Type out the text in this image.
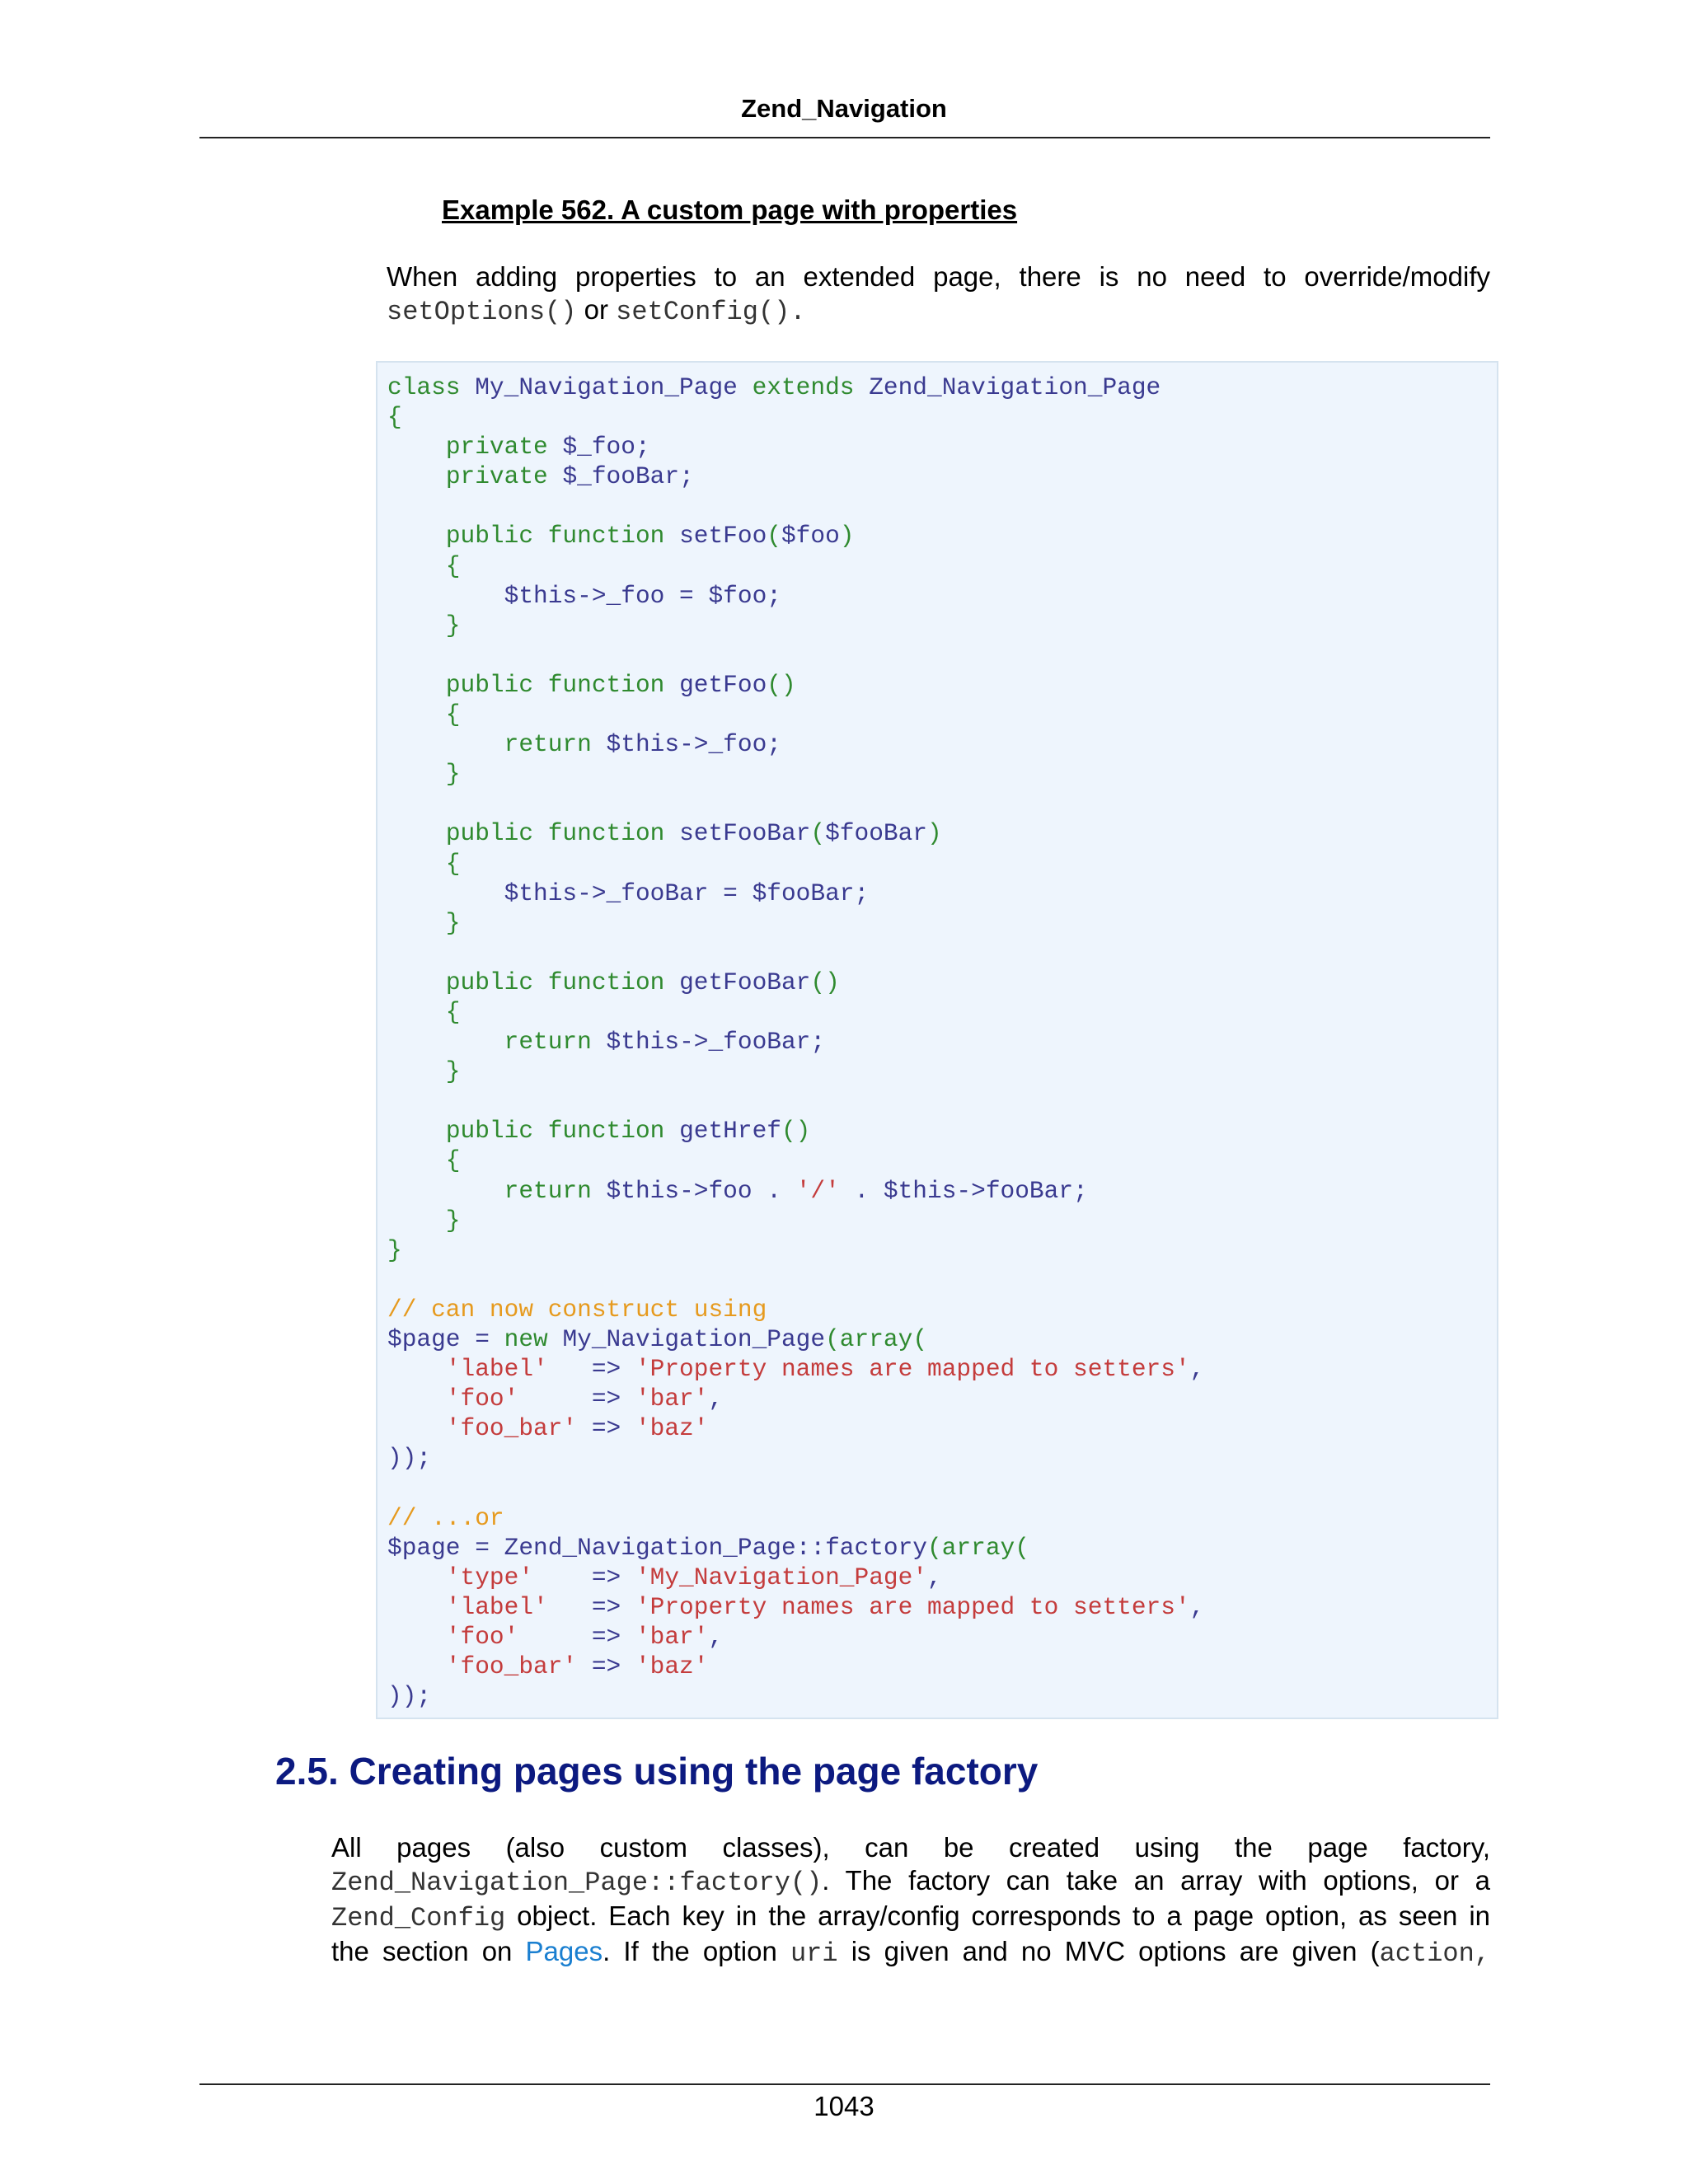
Zend_Navigation
Example 562. A custom page with properties
When adding properties to an extended page, there is no need to override/modify
setOptions() or setConfig().
class My_Navigation_Page extends Zend_Navigation_Page
{
private $_foo;
private $_fooBar;

public function setFoo($foo)
{
$this->_foo = $foo;
}

public function getFoo()
{
return $this->_foo;
}

public function setFooBar($fooBar)
{
$this->_fooBar = $fooBar;
}

public function getFooBar()
{
return $this->_fooBar;
}

public function getHref()
{
return $this->foo . '/' . $this->fooBar;
}
}

// can now construct using
$page = new My_Navigation_Page(array(
'label'   => 'Property names are mapped to setters',
'foo'     => 'bar',
'foo_bar' => 'baz'
));

// ...or
$page = Zend_Navigation_Page::factory(array(
'type'    => 'My_Navigation_Page',
'label'   => 'Property names are mapped to setters',
'foo'     => 'bar',
'foo_bar' => 'baz'
));
2.5. Creating pages using the page factory
All pages (also custom classes), can be created using the page factory,
Zend_Navigation_Page::factory(). The factory can take an array with options, or a
Zend_Config object. Each key in the array/config corresponds to a page option, as seen in
the section on Pages. If the option uri is given and no MVC options are given (action,
1043
